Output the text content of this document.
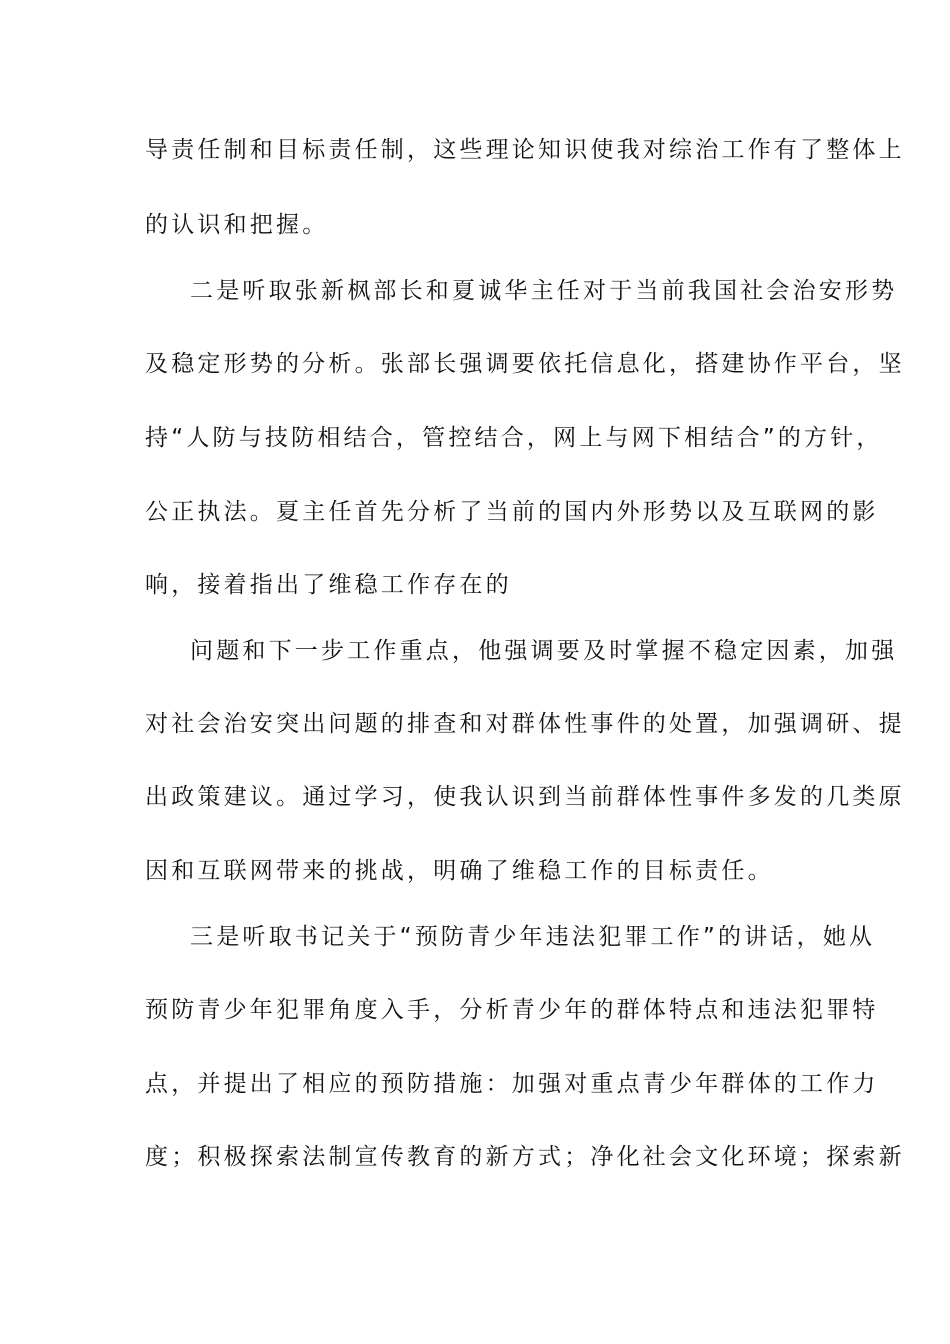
导责任制和目标责任制，这些理论知识使我对综治工作有了整体上
的认识和把握。
二是听取张新枫部长和夏诚华主任对于当前我国社会治安形势
及稳定形势的分析。张部长强调要依托信息化，搭建协作平台，坚
持“人防与技防相结合，管控结合，网上与网下相结合”的方针，
公正执法。夏主任首先分析了当前的国内外形势以及互联网的影
响，接着指出了维稳工作存在的
问题和下一步工作重点，他强调要及时掌握不稳定因素，加强
对社会治安突出问题的排查和对群体性事件的处置，加强调研、提
出政策建议。通过学习，使我认识到当前群体性事件多发的几类原
因和互联网带来的挑战，明确了维稳工作的目标责任。
三是听取书记关于“预防青少年违法犯罪工作”的讲话，她从
预防青少年犯罪角度入手，分析青少年的群体特点和违法犯罪特
点，并提出了相应的预防措施：加强对重点青少年群体的工作力
度；积极探索法制宣传教育的新方式；净化社会文化环境；探索新
